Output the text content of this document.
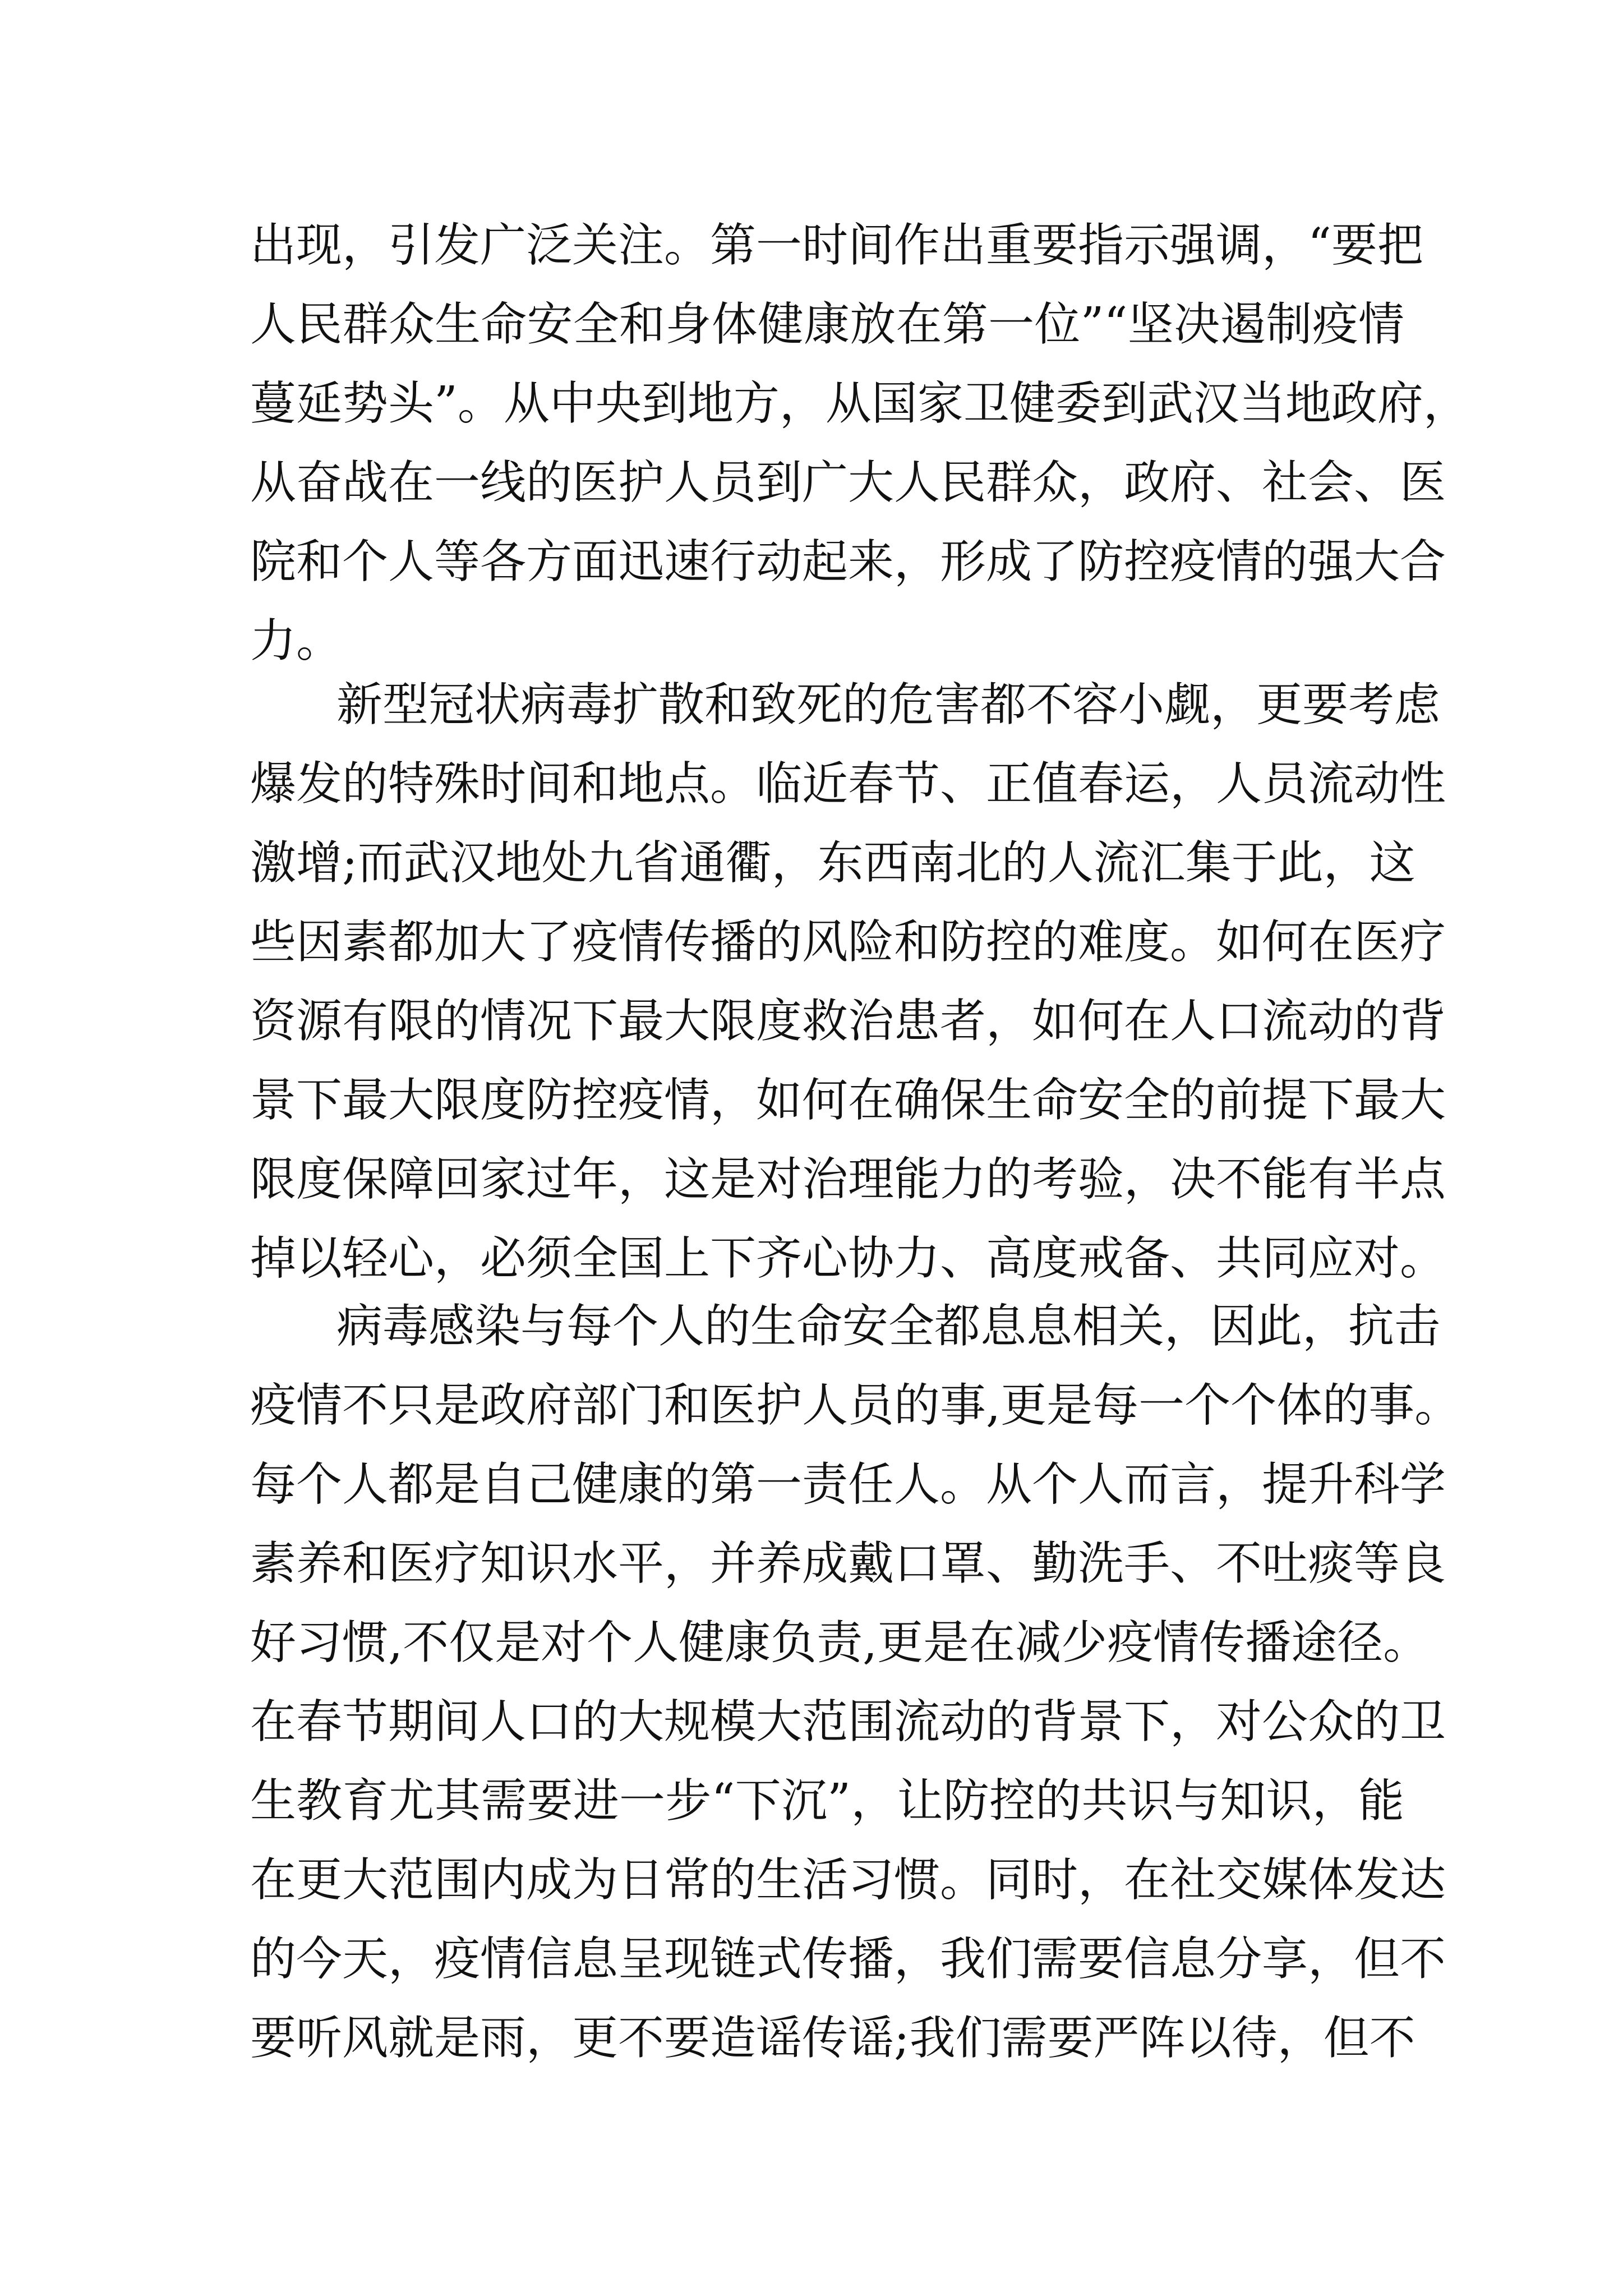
出现，引发广泛关注。第一时间作出重要指示强调，“要把
人民群众生命安全和身体健康放在第一位”“坚决遏制疫情
蔓延势头”。从中央到地方，从国家卫健委到武汉当地政府，
从奋战在一线的医护人员到广大人民群众，政府、社会、医
院和个人等各方面迅速行动起来，形成了防控疫情的强大合
力。
新型冠状病毒扩散和致死的危害都不容小觑，更要考虑
爆发的特殊时间和地点。临近春节、正值春运，人员流动性
激增;而武汉地处九省通衢，东西南北的人流汇集于此，这
些因素都加大了疫情传播的风险和防控的难度。如何在医疗
资源有限的情况下最大限度救治患者，如何在人口流动的背
景下最大限度防控疫情，如何在确保生命安全的前提下最大
限度保障回家过年，这是对治理能力的考验，决不能有半点
掉以轻心，必须全国上下齐心协力、高度戒备、共同应对。
病毒感染与每个人的生命安全都息息相关，因此，抗击
疫情不只是政府部门和医护人员的事,更是每一个个体的事。
每个人都是自己健康的第一责任人。从个人而言，提升科学
素养和医疗知识水平，并养成戴口罩、勤洗手、不吐痰等良
好习惯,不仅是对个人健康负责,更是在减少疫情传播途径。
在春节期间人口的大规模大范围流动的背景下，对公众的卫
生教育尤其需要进一步“下沉”，让防控的共识与知识，能
在更大范围内成为日常的生活习惯。同时，在社交媒体发达
的今天，疫情信息呈现链式传播，我们需要信息分享，但不
要听风就是雨，更不要造谣传谣;我们需要严阵以待，但不
